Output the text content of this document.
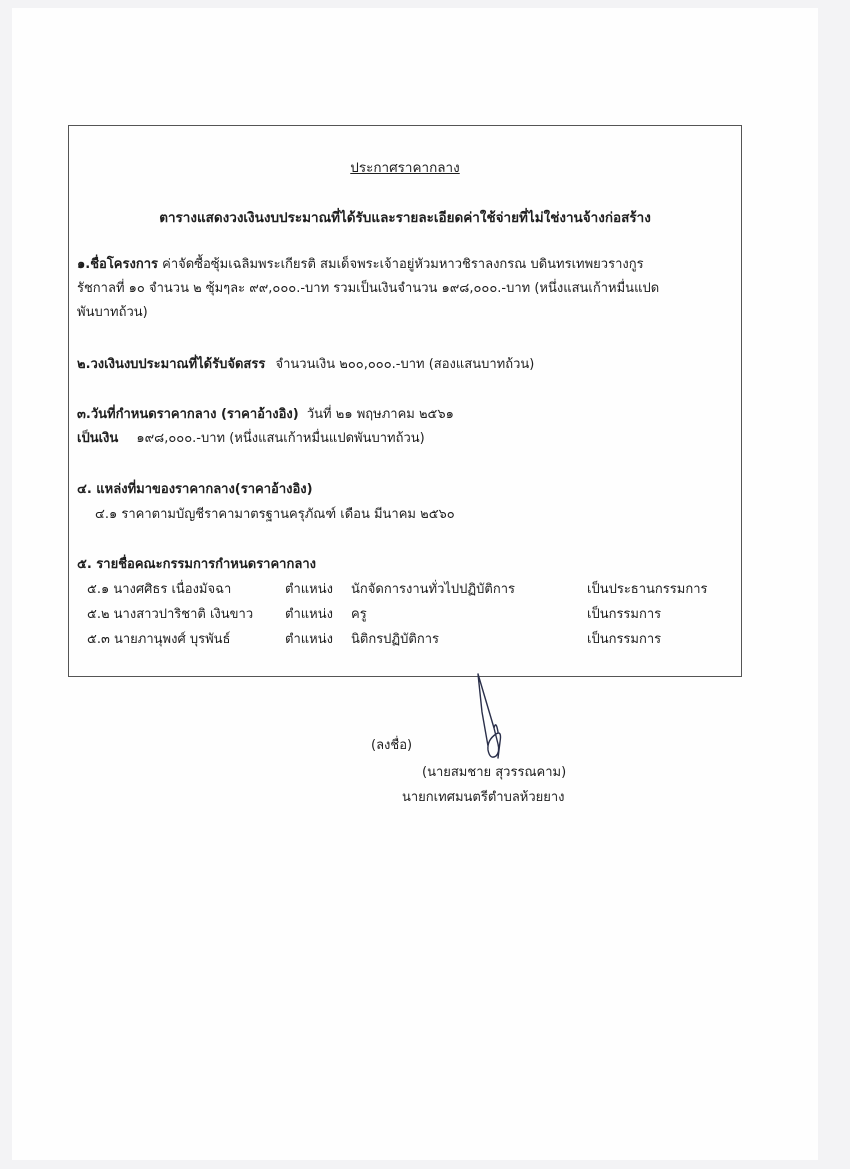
ประกาศราคากลาง
ตารางแสดงวงเงินงบประมาณที่ได้รับและรายละเอียดค่าใช้จ่ายที่ไม่ใช่งานจ้างก่อสร้าง
๑.ชื่อโครงการ ค่าจัดซื้อซุ้มเฉลิมพระเกียรติ สมเด็จพระเจ้าอยู่หัวมหาวชิราลงกรณ บดินทรเทพยวรางกูร
รัชกาลที่ ๑๐ จำนวน ๒ ซุ้มๆละ ๙๙,๐๐๐.-บาท รวมเป็นเงินจำนวน ๑๙๘,๐๐๐.-บาท (หนึ่งแสนเก้าหมื่นแปด
พันบาทถ้วน)
๒.วงเงินงบประมาณที่ได้รับจัดสรร จำนวนเงิน ๒๐๐,๐๐๐.-บาท (สองแสนบาทถ้วน)
๓.วันที่กำหนดราคากลาง (ราคาอ้างอิง) วันที่ ๒๑ พฤษภาคม ๒๕๖๑
เป็นเงิน ๑๙๘,๐๐๐.-บาท (หนึ่งแสนเก้าหมื่นแปดพันบาทถ้วน)
๔. แหล่งที่มาของราคากลาง(ราคาอ้างอิง)
๔.๑ ราคาตามบัญชีราคามาตรฐานครุภัณฑ์ เดือน มีนาคม ๒๕๖๐
๕. รายชื่อคณะกรรมการกำหนดราคากลาง
๕.๑ นางศศิธร เนื่องมัจฉา	ตำแหน่ง นักจัดการงานทั่วไปปฏิบัติการ	เป็นประธานกรรมการ
๕.๒ นางสาวปาริชาติ เงินขาว ตำแหน่ง ครู	เป็นกรรมการ
๕.๓ นายภานุพงศ์ บุรพันธ์	ตำแหน่ง นิติกรปฏิบัติการ	เป็นกรรมการ
(ลงชื่อ)
(นายสมชาย สุวรรณคาม)
นายกเทศมนตรีตำบลห้วยยาง
